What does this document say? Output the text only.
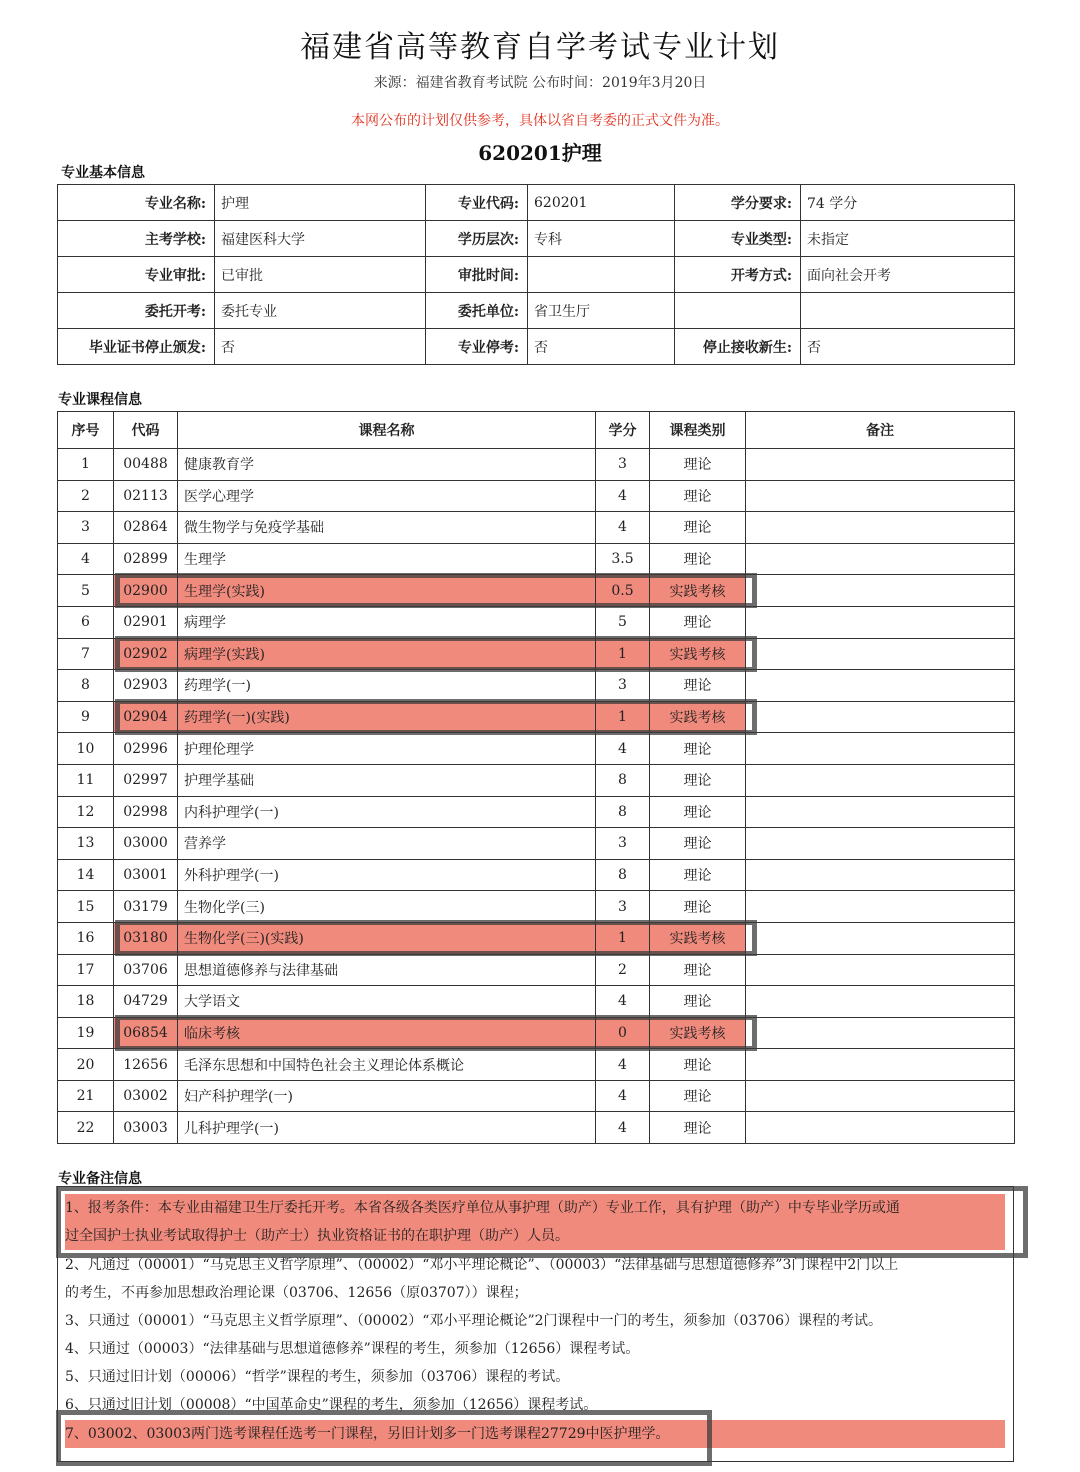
福建省高等教育自学考试专业计划
来源：福建省教育考试院 公布时间：2019年3月20日
本网公布的计划仅供参考，具体以省自考委的正式文件为准。
620201护理
专业基本信息
专业名称:	护理	专业代码:	620201	学分要求:	74 学分
主考学校:	福建医科大学	学历层次:	专科	专业类型:	未指定
专业审批:	已审批	审批时间:		开考方式:	面向社会开考
委托开考:	委托专业	委托单位:	省卫生厅		
毕业证书停止颁发:	否	专业停考:	否	停止接收新生:	否
专业课程信息
序号	代码	课程名称	学分	课程类别	备注
1	00488	健康教育学	3	理论	
2	02113	医学心理学	4	理论	
3	02864	微生物学与免疫学基础	4	理论	
4	02899	生理学	3.5	理论	
5	02900	生理学(实践)	0.5	实践考核	
6	02901	病理学	5	理论	
7	02902	病理学(实践)	1	实践考核	
8	02903	药理学(一)	3	理论	
9	02904	药理学(一)(实践)	1	实践考核	
10	02996	护理伦理学	4	理论	
11	02997	护理学基础	8	理论	
12	02998	内科护理学(一)	8	理论	
13	03000	营养学	3	理论	
14	03001	外科护理学(一)	8	理论	
15	03179	生物化学(三)	3	理论	
16	03180	生物化学(三)(实践)	1	实践考核	
17	03706	思想道德修养与法律基础	2	理论	
18	04729	大学语文	4	理论	
19	06854	临床考核	0	实践考核	
20	12656	毛泽东思想和中国特色社会主义理论体系概论	4	理论	
21	03002	妇产科护理学(一)	4	理论	
22	03003	儿科护理学(一)	4	理论	
专业备注信息
1、报考条件：本专业由福建卫生厅委托开考。本省各级各类医疗单位从事护理（助产）专业工作，具有护理（助产）中专毕业学历或通
过全国护士执业考试取得护士（助产士）执业资格证书的在职护理（助产）人员。
2、凡通过（00001）“马克思主义哲学原理”、（00002）“邓小平理论概论”、（00003）“法律基础与思想道德修养”3门课程中2门以上
的考生，不再参加思想政治理论课（03706、12656（原03707））课程；
3、只通过（00001）“马克思主义哲学原理”、（00002）“邓小平理论概论”2门课程中一门的考生，须参加（03706）课程的考试。
4、只通过（00003）“法律基础与思想道德修养”课程的考生，须参加（12656）课程考试。
5、只通过旧计划（00006）“哲学”课程的考生，须参加（03706）课程的考试。
6、只通过旧计划（00008）“中国革命史”课程的考生，须参加（12656）课程考试。
7、03002、03003两门选考课程任选考一门课程，另旧计划多一门选考课程27729中医护理学。
